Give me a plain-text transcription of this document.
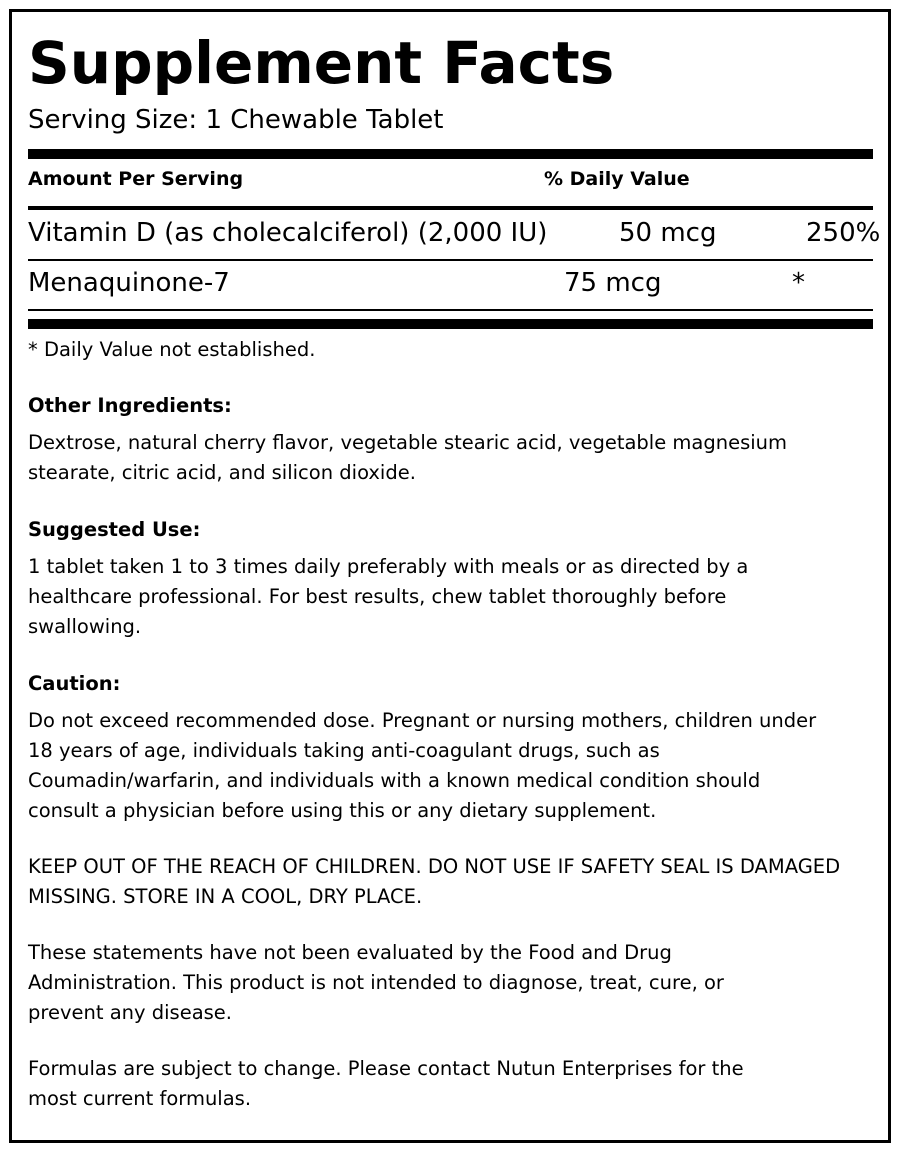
Supplement Facts
Serving Size: 1 Chewable Tablet
Amount Per Serving	% Daily Value
Vitamin D (as cholecalciferol) (2,000 IU)	50 mcg	250%
Menaquinone-7	75 mcg	*
* Daily Value not established.
Other Ingredients:
Dextrose, natural cherry flavor, vegetable stearic acid, vegetable magnesium
stearate, citric acid, and silicon dioxide.
Suggested Use:
1 tablet taken 1 to 3 times daily preferably with meals or as directed by a
healthcare professional. For best results, chew tablet thoroughly before
swallowing.
Caution:
Do not exceed recommended dose. Pregnant or nursing mothers, children under
18 years of age, individuals taking anti-coagulant drugs, such as
Coumadin/warfarin, and individuals with a known medical condition should
consult a physician before using this or any dietary supplement.
KEEP OUT OF THE REACH OF CHILDREN. DO NOT USE IF SAFETY SEAL IS DAMAGED
MISSING. STORE IN A COOL, DRY PLACE.
These statements have not been evaluated by the Food and Drug
Administration. This product is not intended to diagnose, treat, cure, or
prevent any disease.
Formulas are subject to change. Please contact Nutun Enterprises for the
most current formulas.
